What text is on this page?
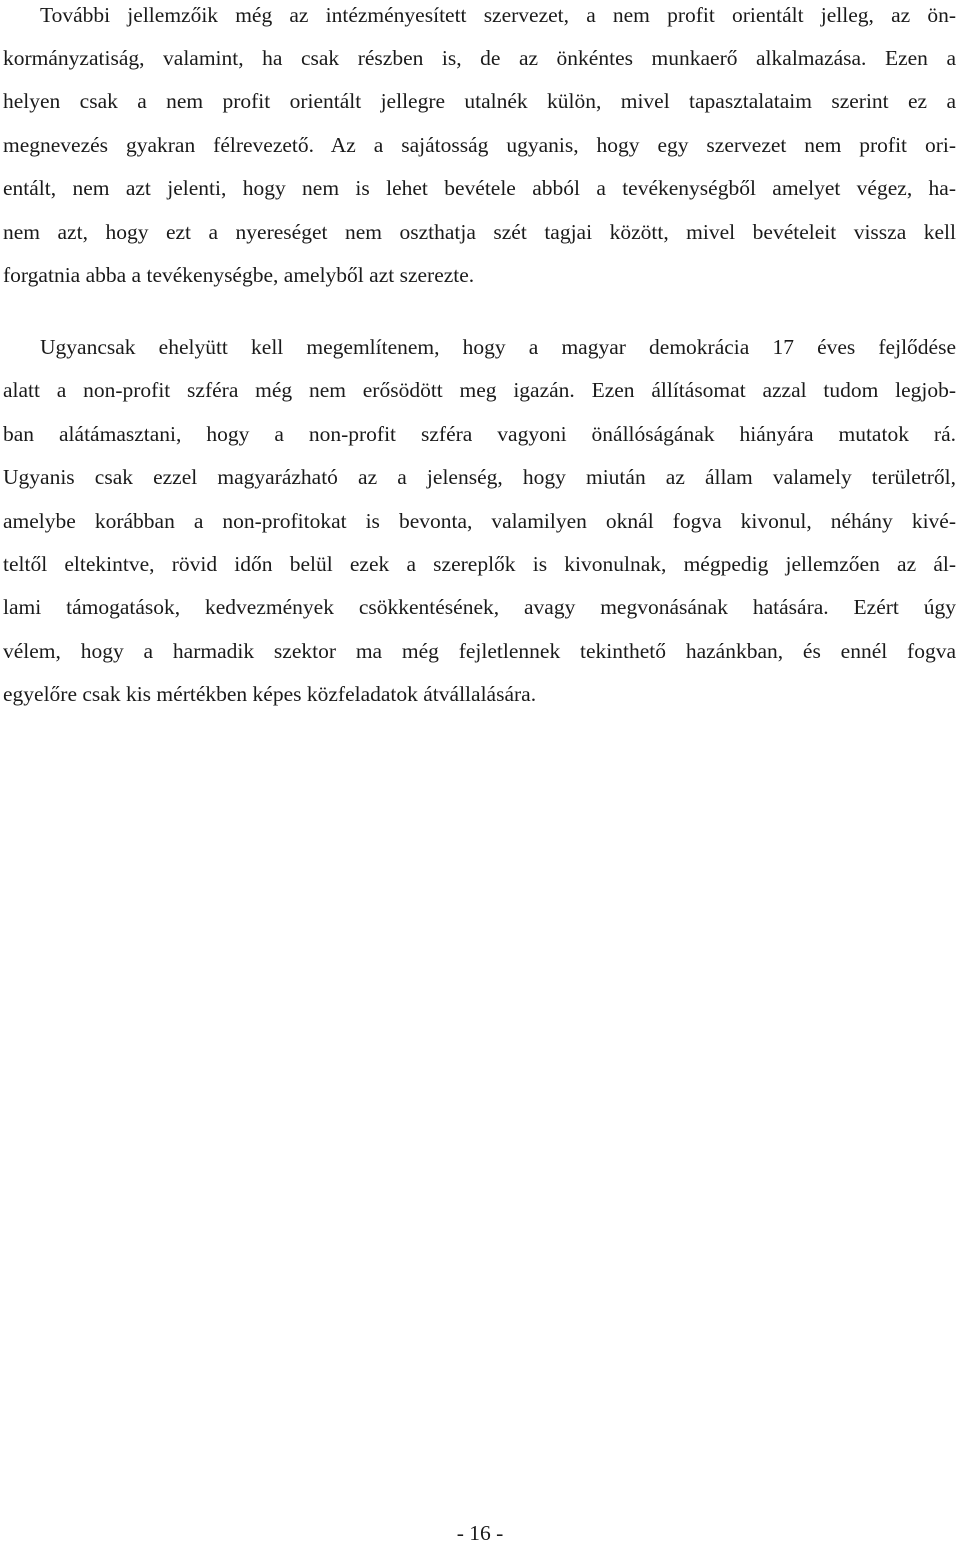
További jellemzőik még az intézményesített szervezet, a nem profit orientált jelleg, az ön-
kormányzatiság, valamint, ha csak részben is, de az önkéntes munkaerő alkalmazása. Ezen a
helyen csak a nem profit orientált jellegre utalnék külön, mivel tapasztalataim szerint ez a
megnevezés gyakran félrevezető. Az a sajátosság ugyanis, hogy egy szervezet nem profit ori-
entált, nem azt jelenti, hogy nem is lehet bevétele abból a tevékenységből amelyet végez, ha-
nem azt, hogy ezt a nyereséget nem oszthatja szét tagjai között, mivel bevételeit vissza kell
forgatnia abba a tevékenységbe, amelyből azt szerezte.
Ugyancsak ehelyütt kell megemlítenem, hogy a magyar demokrácia 17 éves fejlődése
alatt a non-profit szféra még nem erősödött meg igazán. Ezen állításomat azzal tudom legjob-
ban alátámasztani, hogy a non-profit szféra vagyoni önállóságának hiányára mutatok rá.
Ugyanis csak ezzel magyarázható az a jelenség, hogy miután az állam valamely területről,
amelybe korábban a non-profitokat is bevonta, valamilyen oknál fogva kivonul, néhány kivé-
teltől eltekintve, rövid időn belül ezek a szereplők is kivonulnak, mégpedig jellemzően az ál-
lami támogatások, kedvezmények csökkentésének, avagy megvonásának hatására. Ezért úgy
vélem, hogy a harmadik szektor ma még fejletlennek tekinthető hazánkban, és ennél fogva
egyelőre csak kis mértékben képes közfeladatok átvállalására.
- 16 -
